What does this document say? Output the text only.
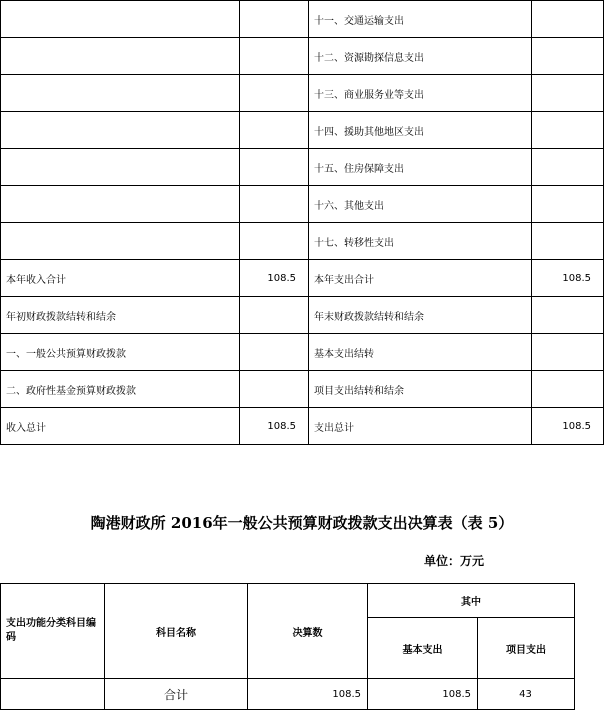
		十一、交通运输支出	
		十二、资源勘探信息支出	
		十三、商业服务业等支出	
		十四、援助其他地区支出	
		十五、住房保障支出	
		十六、其他支出	
		十七、转移性支出	
本年收入合计	108.5	本年支出合计	108.5
年初财政拨款结转和结余		年末财政拨款结转和结余	
一、一般公共预算财政拨款		基本支出结转	
二、政府性基金预算财政拨款		项目支出结转和结余	
收入总计	108.5	支出总计	108.5
陶港财政所 2016年一般公共预算财政拨款支出决算表（表 5）
单位：万元
支出功能分类科目编码	科目名称	决算数	其中	
			基本支出	项目支出
	合计	108.5	108.5	43
